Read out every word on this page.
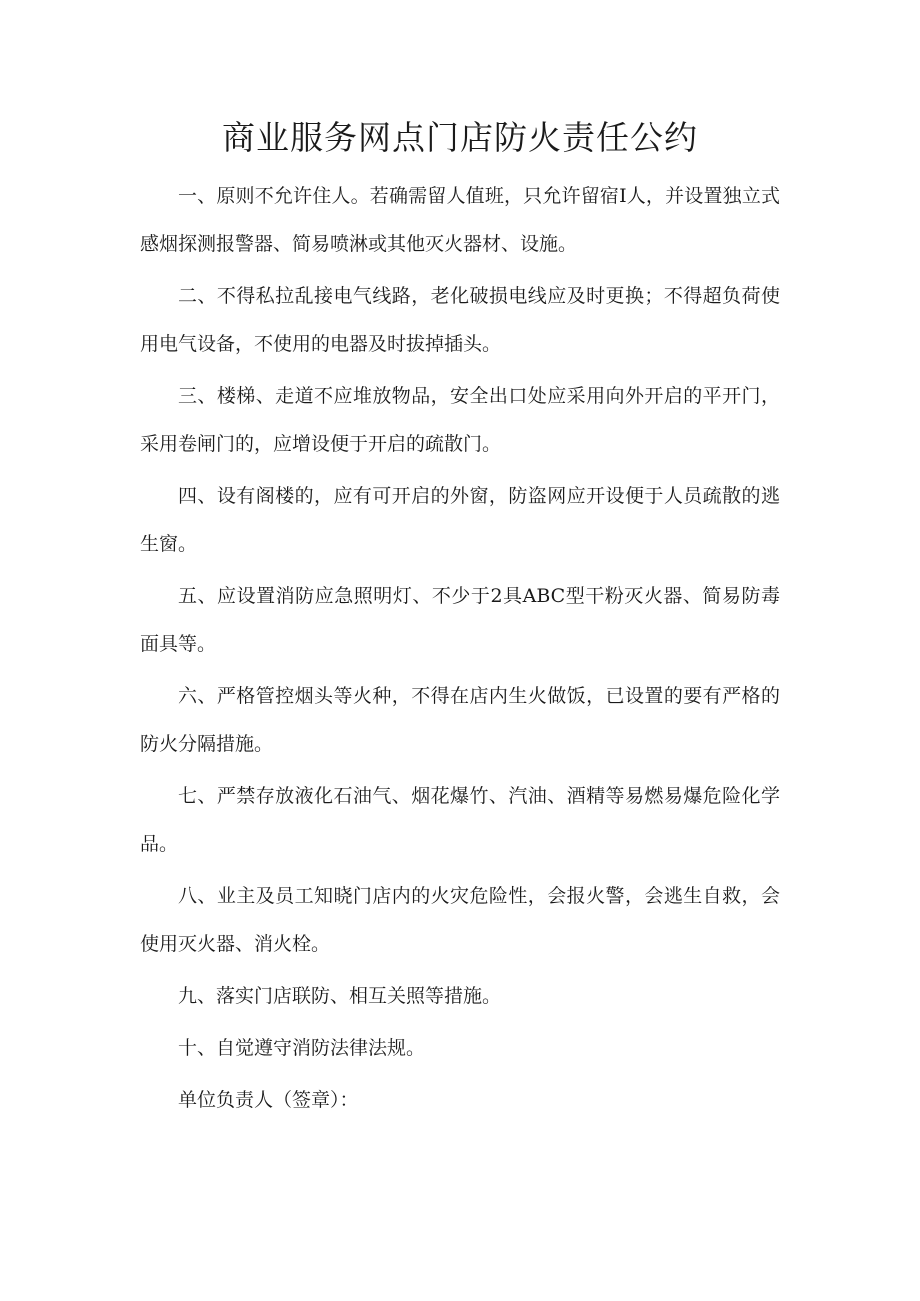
商业服务网点门店防火责任公约

一、原则不允许住人。若确需留人值班，只允许留宿I人，并设置独立式感烟探测报警器、简易喷淋或其他灭火器材、设施。

二、不得私拉乱接电气线路，老化破损电线应及时更换；不得超负荷使用电气设备，不使用的电器及时拔掉插头。

三、楼梯、走道不应堆放物品，安全出口处应采用向外开启的平开门，采用卷闸门的，应增设便于开启的疏散门。

四、设有阁楼的，应有可开启的外窗，防盗网应开设便于人员疏散的逃生窗。

五、应设置消防应急照明灯、不少于2具ABC型干粉灭火器、简易防毒面具等。

六、严格管控烟头等火种，不得在店内生火做饭，已设置的要有严格的防火分隔措施。

七、严禁存放液化石油气、烟花爆竹、汽油、酒精等易燃易爆危险化学品。

八、业主及员工知晓门店内的火灾危险性，会报火警，会逃生自救，会使用灭火器、消火栓。

九、落实门店联防、相互关照等措施。

十、自觉遵守消防法律法规。

单位负责人（签章）：
